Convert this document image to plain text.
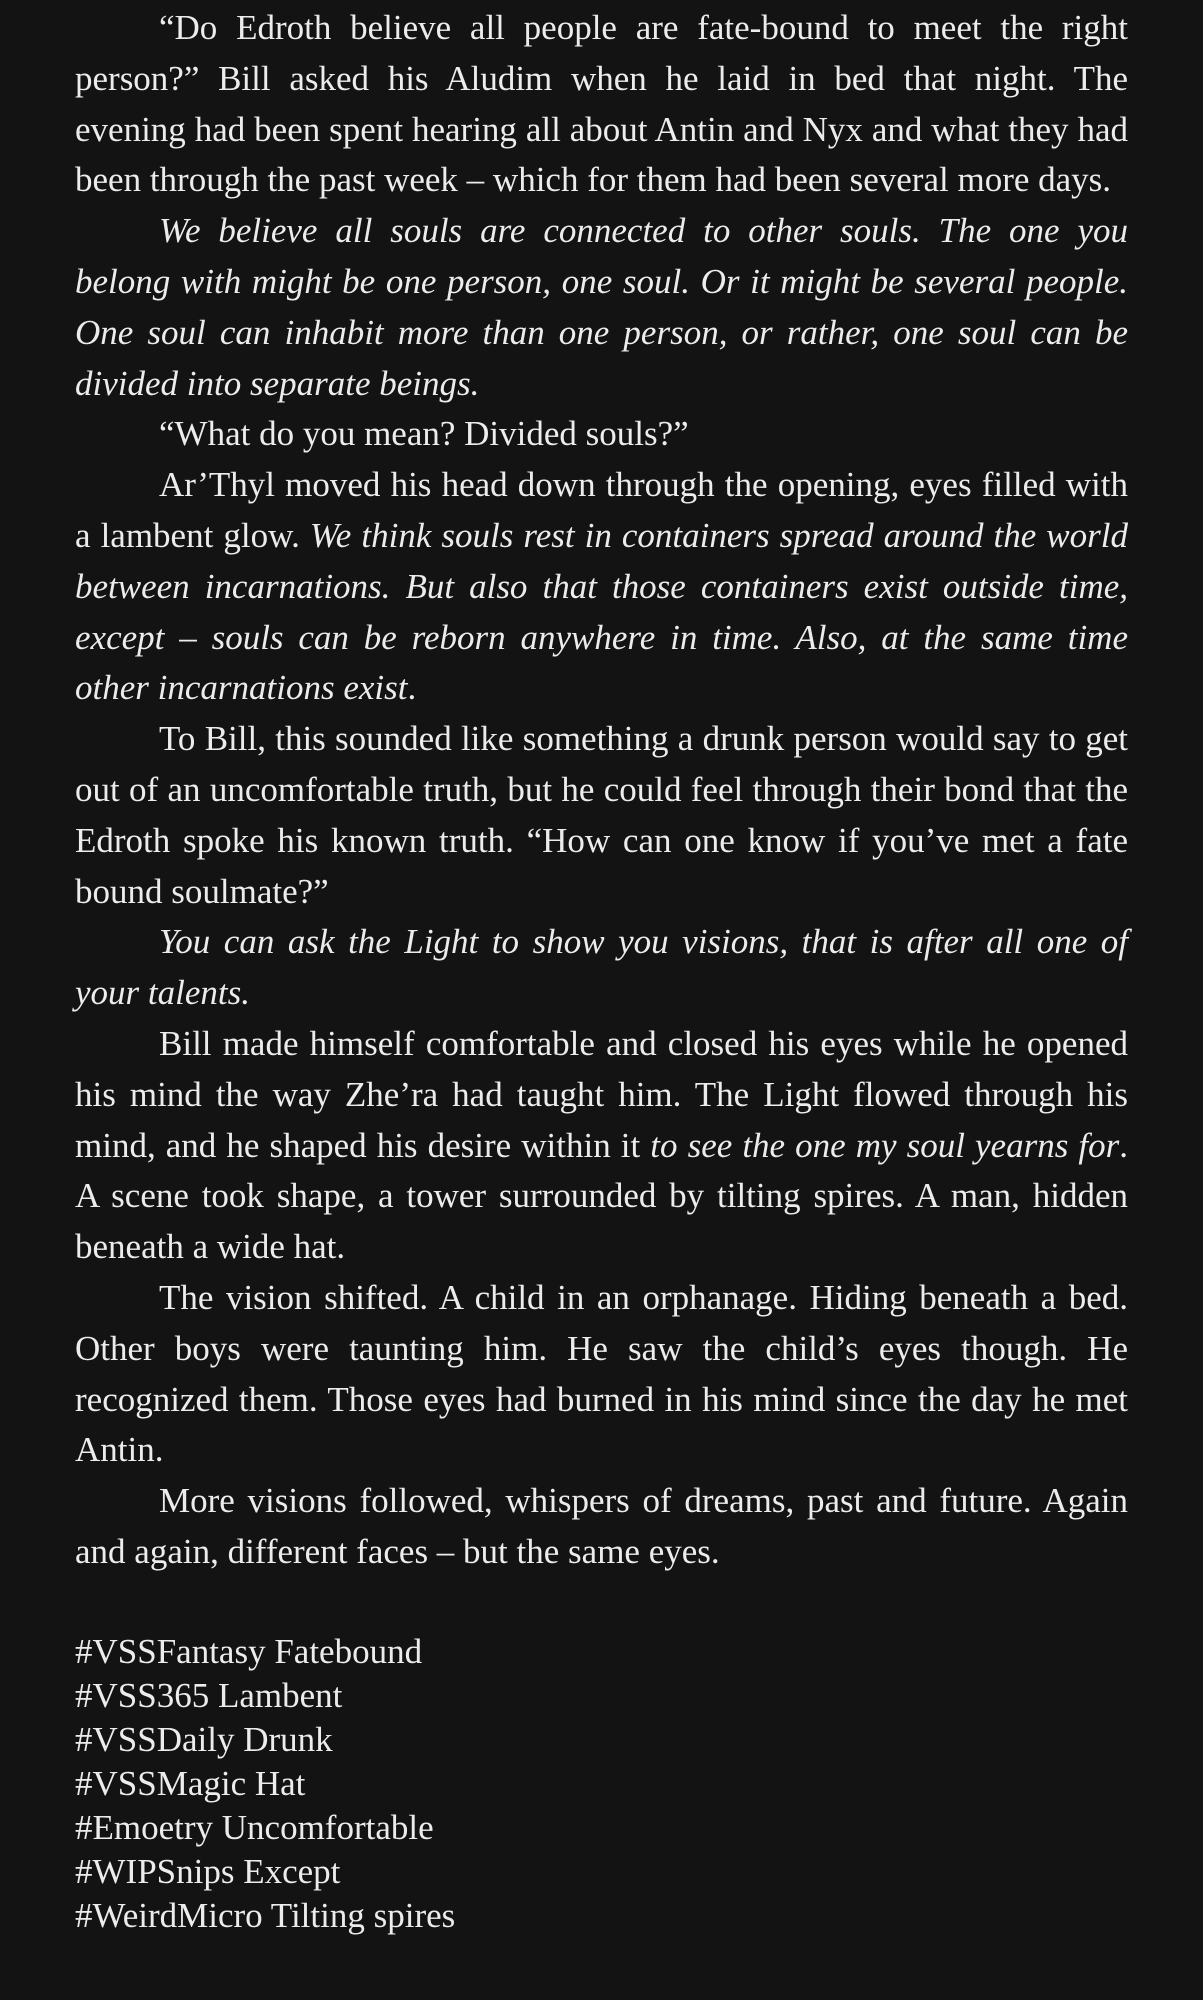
“Do Edroth believe all people are fate-bound to meet the right person?” Bill asked his Aludim when he laid in bed that night. The evening had been spent hearing all about Antin and Nyx and what they had been through the past week – which for them had been several more days.

We believe all souls are connected to other souls. The one you belong with might be one person, one soul. Or it might be several people. One soul can inhabit more than one person, or rather, one soul can be divided into separate beings.

“What do you mean? Divided souls?”

Ar’Thyl moved his head down through the opening, eyes filled with a lambent glow. We think souls rest in containers spread around the world between incarnations. But also that those containers exist outside time, except – souls can be reborn anywhere in time. Also, at the same time other incarnations exist.

To Bill, this sounded like something a drunk person would say to get out of an uncomfortable truth, but he could feel through their bond that the Edroth spoke his known truth. “How can one know if you’ve met a fate bound soulmate?”

You can ask the Light to show you visions, that is after all one of your talents.

Bill made himself comfortable and closed his eyes while he opened his mind the way Zhe’ra had taught him. The Light flowed through his mind, and he shaped his desire within it to see the one my soul yearns for. A scene took shape, a tower surrounded by tilting spires. A man, hidden beneath a wide hat.

The vision shifted. A child in an orphanage. Hiding beneath a bed. Other boys were taunting him. He saw the child’s eyes though. He recognized them. Those eyes had burned in his mind since the day he met Antin.

More visions followed, whispers of dreams, past and future. Again and again, different faces – but the same eyes.

#VSSFantasy Fatebound
#VSS365 Lambent
#VSSDaily Drunk
#VSSMagic Hat
#Emoetry Uncomfortable
#WIPSnips Except
#WeirdMicro Tilting spires
